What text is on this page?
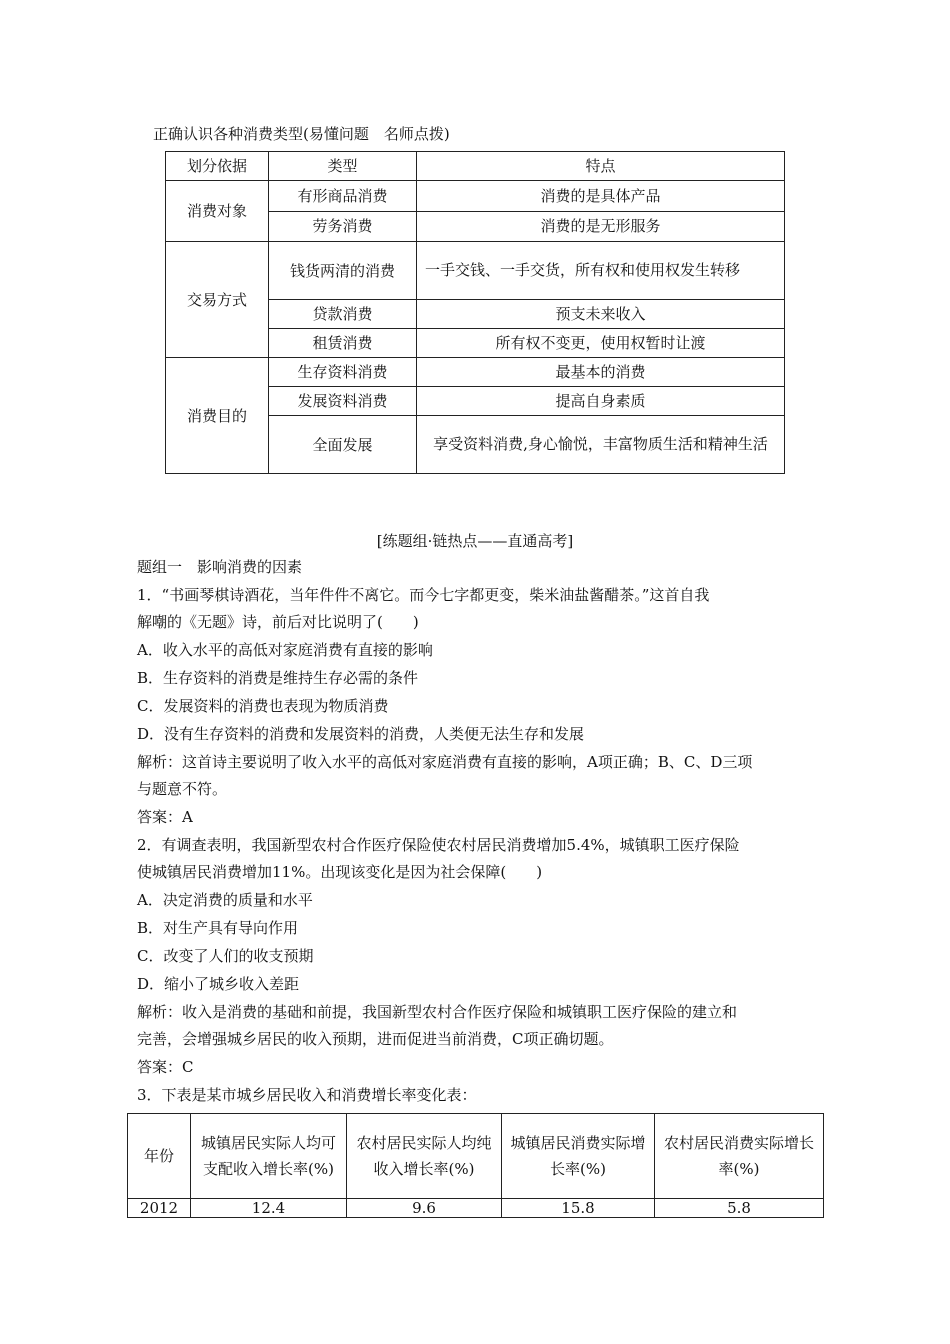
正确认识各种消费类型(易懂问题　名师点拨)
划分依据	类型	特点
消费对象	有形商品消费	消费的是具体产品
	劳务消费	消费的是无形服务
交易方式	钱货两清的消费	一手交钱、一手交货，所有权和使用权发生转移
	贷款消费	预支未来收入
	租赁消费	所有权不变更，使用权暂时让渡
消费目的	生存资料消费	最基本的消费
	发展资料消费	提高自身素质
	全面发展	享受资料消费,身心愉悦，丰富物质生活和精神生活
[练题组·链热点——直通高考]
题组一　影响消费的因素
1．“书画琴棋诗酒花，当年件件不离它。而今七字都更变，柴米油盐酱醋茶。”这首自我
解嘲的《无题》诗，前后对比说明了(　　)
A．收入水平的高低对家庭消费有直接的影响
B．生存资料的消费是维持生存必需的条件
C．发展资料的消费也表现为物质消费
D．没有生存资料的消费和发展资料的消费，人类便无法生存和发展
解析：这首诗主要说明了收入水平的高低对家庭消费有直接的影响，A项正确；B、C、D三项
与题意不符。
答案：A
2．有调查表明，我国新型农村合作医疗保险使农村居民消费增加5.4%，城镇职工医疗保险
使城镇居民消费增加11%。出现该变化是因为社会保障(　　)
A．决定消费的质量和水平
B．对生产具有导向作用
C．改变了人们的收支预期
D．缩小了城乡收入差距
解析：收入是消费的基础和前提，我国新型农村合作医疗保险和城镇职工医疗保险的建立和
完善，会增强城乡居民的收入预期，进而促进当前消费，C项正确切题。
答案：C
3．下表是某市城乡居民收入和消费增长率变化表：
年份	城镇居民实际人均可支配收入增长率(%)	农村居民实际人均纯收入增长率(%)	城镇居民消费实际增长率(%)	农村居民消费实际增长率(%)
2012	12.4	9.6	15.8	5.8
